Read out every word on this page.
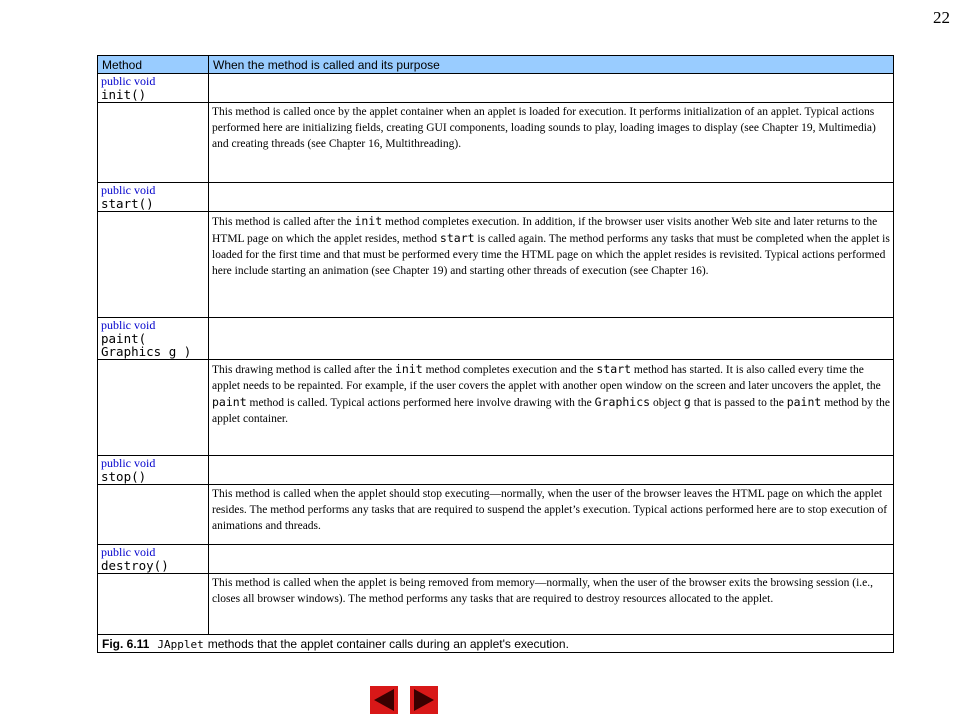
22
Method	When the method is called and its purpose

public void
init()	

	This method is called once by the applet container when an applet is loaded for execution. It performs initialization of an applet. Typical actions performed here are initializing fields, creating GUI components, loading sounds to play, loading images to display (see Chapter 19, Multimedia) and creating threads (see Chapter 16, Multithreading).

public void
start()	

	This method is called after the init method completes execution. In addition, if the browser user visits another Web site and later returns to the HTML page on which the applet resides, method start is called again. The method performs any tasks that must be completed when the applet is loaded for the first time and that must be performed every time the HTML page on which the applet resides is revisited. Typical actions performed here include starting an animation (see Chapter 19) and starting other threads of execution (see Chapter 16).

public void
paint(
Graphics g )	

	This drawing method is called after the init method completes execution and the start method has started. It is also called every time the applet needs to be repainted. For example, if the user covers the applet with another open window on the screen and later uncovers the applet, the paint method is called. Typical actions performed here involve drawing with the Graphics object g that is passed to the paint method by the applet container.

public void
stop()	

	This method is called when the applet should stop executing—normally, when the user of the browser leaves the HTML page on which the applet resides. The method performs any tasks that are required to suspend the applet’s execution. Typical actions performed here are to stop execution of animations and threads.

public void
destroy()	

	This method is called when the applet is being removed from memory—normally, when the user of the browser exits the browsing session (i.e., closes all browser windows). The method performs any tasks that are required to destroy resources allocated to the applet.
Fig. 6.11 JApplet methods that the applet container calls during an applet's execution.	
